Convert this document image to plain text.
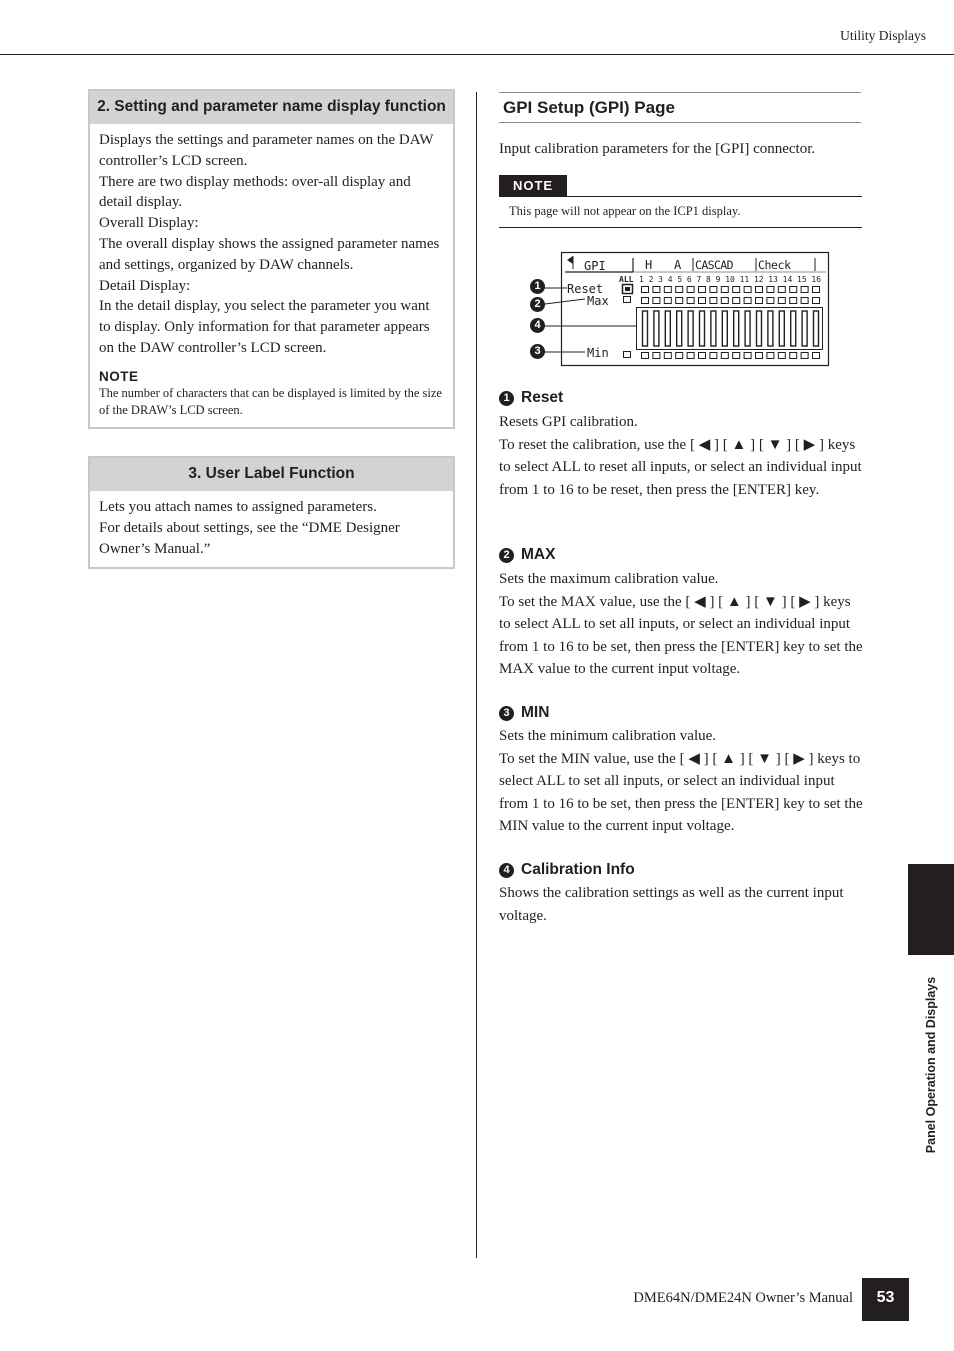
Utility Displays
2. Setting and parameter name display function

Displays the settings and parameter names on the DAW controller’s LCD screen.

There are two display methods: over-all display and detail display.

Overall Display:

The overall display shows the assigned parameter names and settings, organized by DAW channels.

Detail Display:

In the detail display, you select the parameter you want to display. Only information for that parameter appears on the DAW controller’s LCD screen.

NOTE
The number of characters that can be displayed is limited by the size of the DRAW’s LCD screen.
3. User Label Function

Lets you attach names to assigned parameters.

For details about settings, see the “DME Designer Owner’s Manual.”

GPI Setup (GPI) Page
Input calibration parameters for the [GPI] connector.
NOTE
This page will not appear on the ICP1 display.
GPI	H A CASCAD Check
ALL 1 2 3 4 5 6 7 8 9 10 11 12 13 14 15 16
Reset
Max
Min
1
2
4
3
1 Reset

Resets GPI calibration.

To reset the calibration, use the [ ◀ ] [ ▲ ] [ ▼ ] [ ▶ ] keys to select ALL to reset all inputs, or select an individual input from 1 to 16 to be reset, then press the [ENTER] key.

2 MAX

Sets the maximum calibration value.

To set the MAX value, use the [ ◀ ] [ ▲ ] [ ▼ ] [ ▶ ] keys to select ALL to set all inputs, or select an individual input from 1 to 16 to be set, then press the [ENTER] key to set the MAX value to the current input voltage.

3 MIN

Sets the minimum calibration value.

To set the MIN value, use the [ ◀ ] [ ▲ ] [ ▼ ] [ ▶ ] keys to select ALL to set all inputs, or select an individual input from 1 to 16 to be set, then press the [ENTER] key to set the MIN value to the current input voltage.

4 Calibration Info

Shows the calibration settings as well as the current input voltage.

Panel Operation and Displays
DME64N/DME24N Owner’s Manual	53
